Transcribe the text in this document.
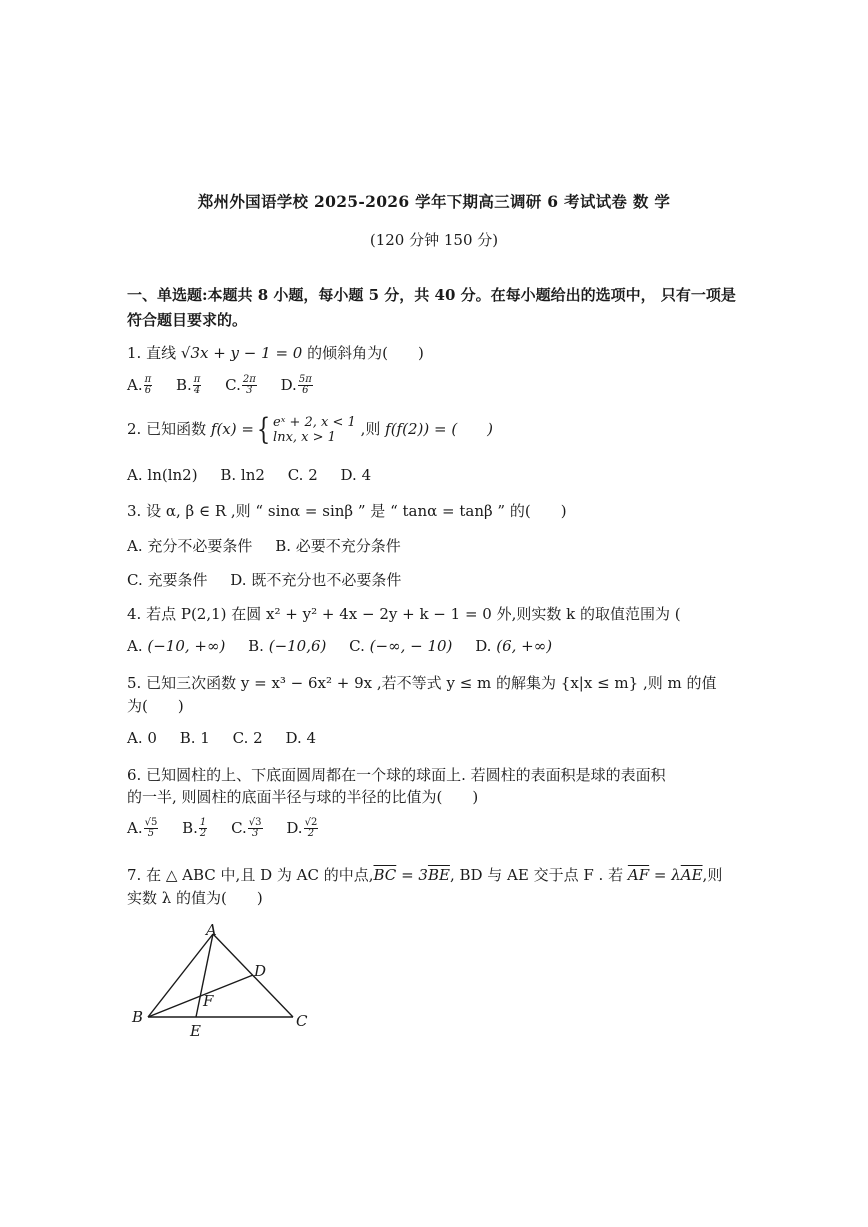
郑州外国语学校 2025-2026 学年下期高三调研 6 考试试卷 数 学
(120 分钟 150 分)
一、单选题:本题共 8 小题，每小题 5 分，共 40 分。在每小题给出的选项中， 只有一项是符合题目要求的。
1. 直线 √3x + y − 1 = 0 的倾斜角为(　　)
A. $\frac{\pi}{6} B$. $\frac{\pi}{4} C$. $\frac{2\pi}{3} D$. $\frac{5\pi}{6}$
2. 已知函数 f(x) ={ eˣ + 2, x < 1
lnx, x > 1	,则 f(f(2)) = (　　)
A. ln(ln2) B. ln2 C. 2 D. 4
3. 设 α, β ∈ R ,则 “ sinα = sinβ ” 是 “ tanα = tanβ ” 的(　　)
A. 充分不必要条件 B. 必要不充分条件
C. 充要条件 D. 既不充分也不必要条件
4. 若点 P(2,1) 在圆 x² + y² + 4x − 2y + k − 1 = 0 外,则实数 k 的取值范围为 (
A. (−10, +∞) B. (−10,6) C. (−∞, − 10) D. (6, +∞)
5. 已知三次函数 y = x³ − 6x² + 9x ,若不等式 y ≤ m 的解集为 {x|x ≤ m} ,则 m 的值
为(　　)
A. 0 B. 1 C. 2 D. 4
6. 已知圆柱的上、下底面圆周都在一个球的球面上. 若圆柱的表面积是球的表面积
的一半, 则圆柱的底面半径与球的半径的比值为(　　)
A. $\frac{√5}{5} B$. $\frac{1}{2} C$. $\frac{√3}{3} D$. $\frac{√2}{2}$
7. 在 △ ABC 中,且 D 为 AC 的中点$,\overline{BC} = 3\overline{BE}$, BD 与 AE 交于点 F . 若 $\overline{AF} = \lambda\overline{AE}$,则
实数 λ 的值为(　　)
A
B	C
D
E
F
